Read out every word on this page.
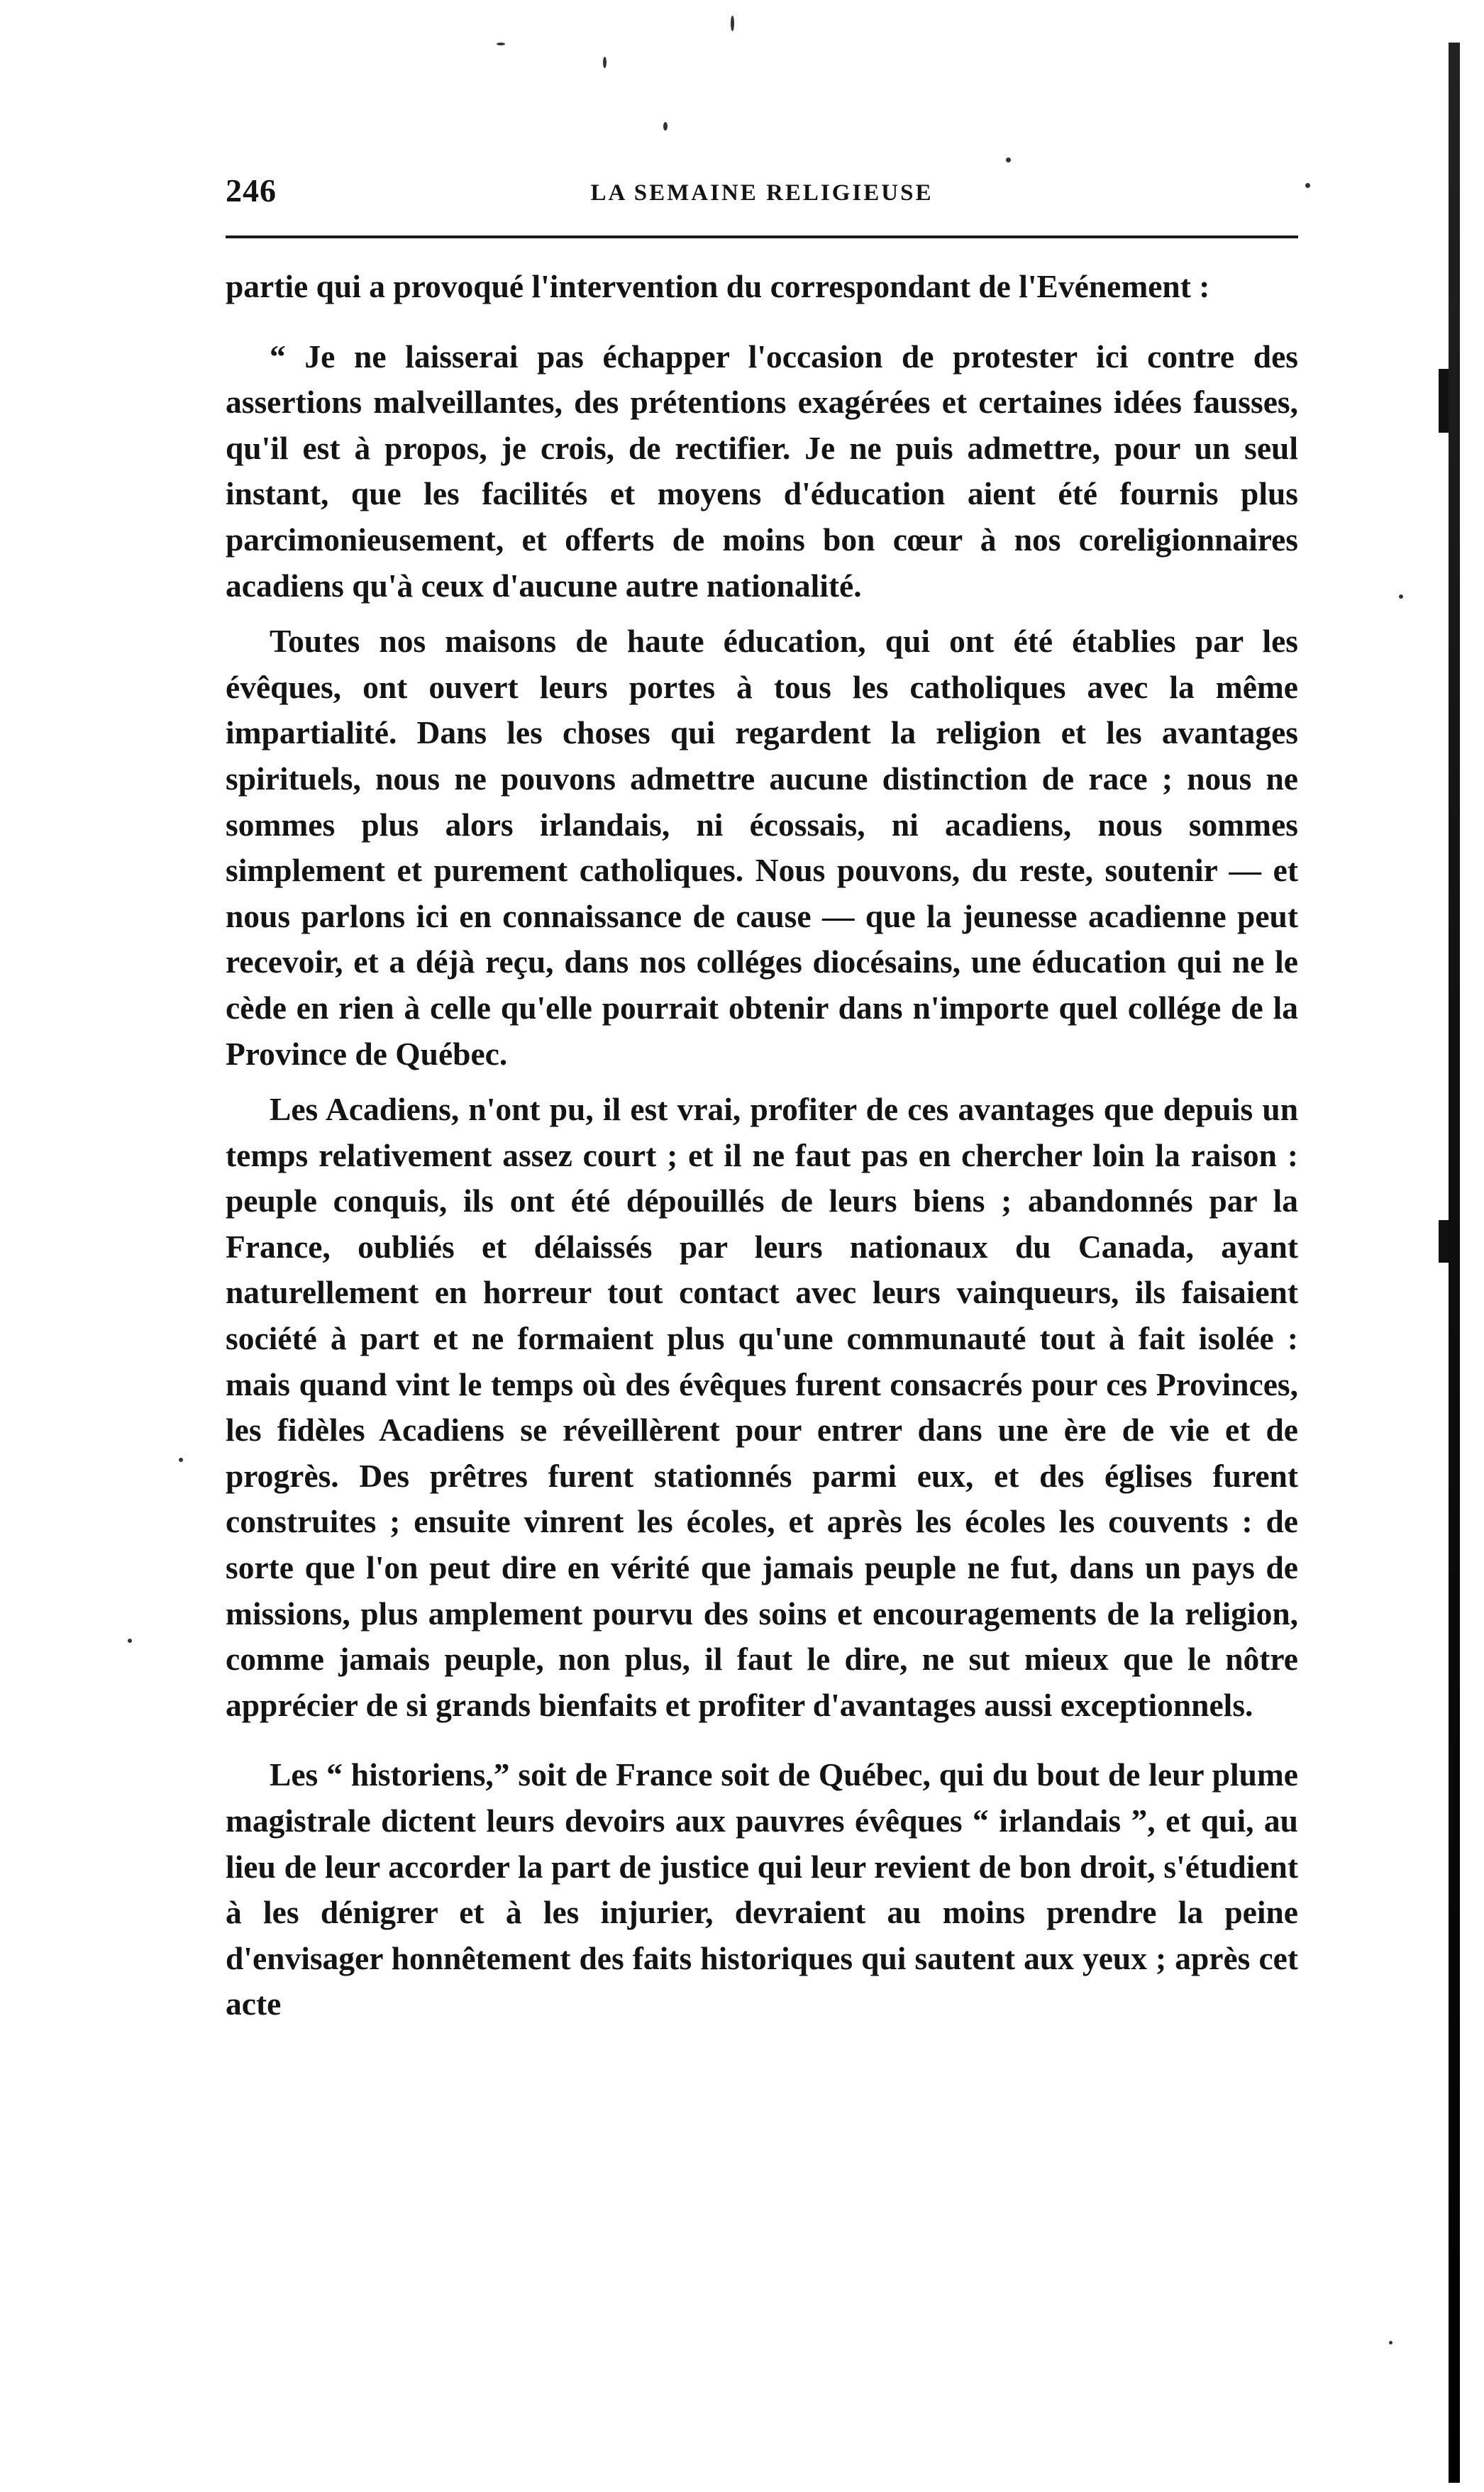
246	LA SEMAINE RELIGIEUSE

partie qui a provoqué l'intervention du correspondant de l'Evénement :

“ Je ne laisserai pas échapper l'occasion de protester ici contre des assertions malveillantes, des prétentions exagérées et certaines idées fausses, qu'il est à propos, je crois, de rectifier. Je ne puis admettre, pour un seul instant, que les facilités et moyens d'éducation aient été fournis plus parcimonieusement, et offerts de moins bon cœur à nos coreligionnaires acadiens qu'à ceux d'aucune autre nationalité.

Toutes nos maisons de haute éducation, qui ont été établies par les évêques, ont ouvert leurs portes à tous les catholiques avec la même impartialité. Dans les choses qui regardent la religion et les avantages spirituels, nous ne pouvons admettre aucune distinction de race ; nous ne sommes plus alors irlandais, ni écossais, ni acadiens, nous sommes simplement et purement catholiques. Nous pouvons, du reste, soutenir — et nous parlons ici en connaissance de cause — que la jeunesse acadienne peut recevoir, et a déjà reçu, dans nos colléges diocésains, une éducation qui ne le cède en rien à celle qu'elle pourrait obtenir dans n'importe quel collége de la Province de Québec.

Les Acadiens, n'ont pu, il est vrai, profiter de ces avantages que depuis un temps relativement assez court ; et il ne faut pas en chercher loin la raison : peuple conquis, ils ont été dépouillés de leurs biens ; abandonnés par la France, oubliés et délaissés par leurs nationaux du Canada, ayant naturellement en horreur tout contact avec leurs vainqueurs, ils faisaient société à part et ne formaient plus qu'une communauté tout à fait isolée : mais quand vint le temps où des évêques furent consacrés pour ces Provinces, les fidèles Acadiens se réveillèrent pour entrer dans une ère de vie et de progrès. Des prêtres furent stationnés parmi eux, et des églises furent construites ; ensuite vinrent les écoles, et après les écoles les couvents : de sorte que l'on peut dire en vérité que jamais peuple ne fut, dans un pays de missions, plus amplement pourvu des soins et encouragements de la religion, comme jamais peuple, non plus, il faut le dire, ne sut mieux que le nôtre apprécier de si grands bienfaits et profiter d'avantages aussi exceptionnels.

Les “ historiens,” soit de France soit de Québec, qui du bout de leur plume magistrale dictent leurs devoirs aux pauvres évêques “ irlandais ”, et qui, au lieu de leur accorder la part de justice qui leur revient de bon droit, s'étudient à les dénigrer et à les injurier, devraient au moins prendre la peine d'envisager honnêtement des faits historiques qui sautent aux yeux ; après cet acte
